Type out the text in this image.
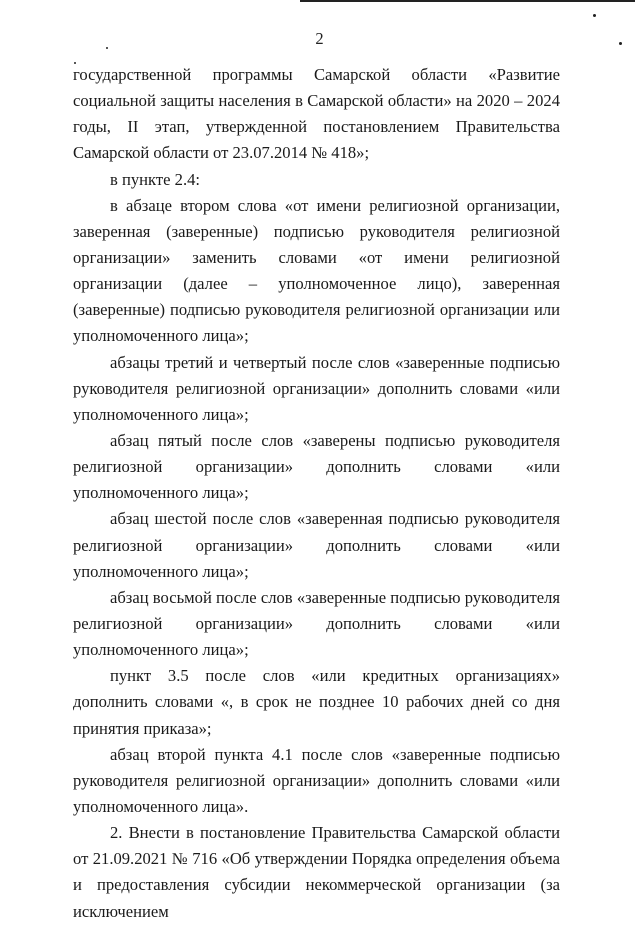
2

государственной программы Самарской области «Развитие социальной защиты населения в Самарской области» на 2020 – 2024 годы, II этап, утвержденной постановлением Правительства Самарской области от 23.07.2014 № 418»;

в пункте 2.4:

в абзаце втором слова «от имени религиозной организации, заверенная (заверенные) подписью руководителя религиозной организации» заменить словами «от имени религиозной организации (далее – уполномоченное лицо), заверенная (заверенные) подписью руководителя религиозной организации или уполномоченного лица»;

абзацы третий и четвертый после слов «заверенные подписью руководителя религиозной организации» дополнить словами «или уполномоченного лица»;

абзац пятый после слов «заверены подписью руководителя религиозной организации» дополнить словами «или уполномоченного лица»;

абзац шестой после слов «заверенная подписью руководителя религиозной организации» дополнить словами «или уполномоченного лица»;

абзац восьмой после слов «заверенные подписью руководителя религиозной организации» дополнить словами «или уполномоченного лица»;

пункт 3.5 после слов «или кредитных организациях» дополнить словами «, в срок не позднее 10 рабочих дней со дня принятия приказа»;

абзац второй пункта 4.1 после слов «заверенные подписью руководителя религиозной организации» дополнить словами «или уполномоченного лица».

2. Внести в постановление Правительства Самарской области от 21.09.2021 № 716 «Об утверждении Порядка определения объема и предоставления субсидии некоммерческой организации (за исключением
